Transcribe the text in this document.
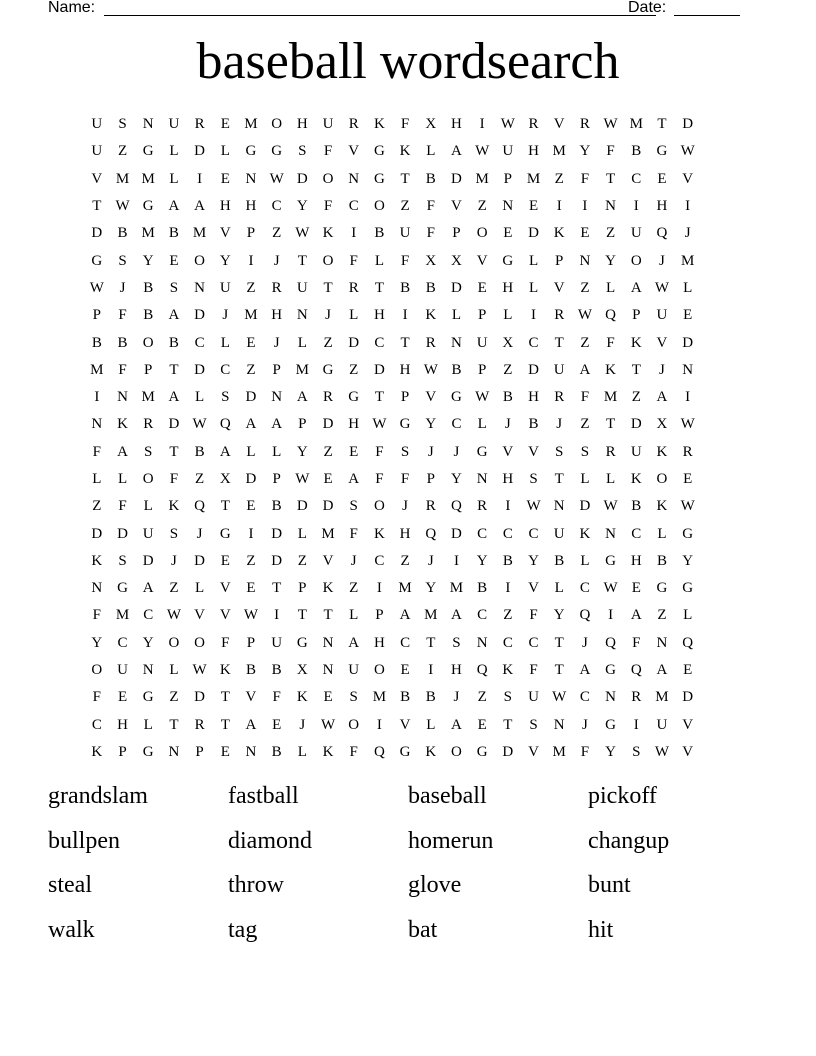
Name:	Date:
baseball wordsearch
U	S	N U	R	E M O H U	R	K	F	X H	I	W R	V	R W M T	D
U	Z	G	L	D	L	G G	S	F	V G K	L	A W U H M Y	F	B	G W
V M M L	I	E	N W D O N G	T	B	D M P M Z	F	T	C	E	V
T W G A A H H	C	Y	F	C	O	Z	F	V	Z	N	E	I	I	N	I	H	I
D	B M B M V	P	Z W K	I	B	U	F	P	O	E	D K	E	Z	U Q	J
G	S	Y	E	O Y	I	J	T	O	F	L	F	X X V G	L	P	N Y O	J	M
W	J	B	S	N U	Z	R	U	T	R	T	B	B	D	E	H	L	V	Z	L	A W L
P	F	B	A D	J	M H N	J	L	H	I	K	L	P	L	I	R W Q	P	U	E
B	B	O	B	C	L	E	J	L	Z	D	C	T	R	N U X	C	T	Z	F	K V D
M F	P	T	D	C	Z	P M G	Z	D H W B	P	Z	D U A K	T	J	N
I	N M A	L	S	D N A	R	G	T	P	V G W B	H	R	F M Z	A	I
N K	R	D W Q A A	P	D H W G Y	C	L	J	B	J	Z	T	D X W
F	A	S	T	B	A	L	L	Y	Z	E	F	S	J	J	G V V	S	S	R	U K	R
L	L	O	F	Z	X D	P W E	A	F	F	P	Y N H	S	T	L	L	K O	E
Z	F	L	K Q	T	E	B	D D	S	O	J	R	Q	R	I	W N D W B	K W
D D U	S	J	G	I	D	L M F	K H Q D	C	C	C	U K N	C	L	G
K	S	D	J	D	E	Z	D	Z	V	J	C	Z	J	I	Y	B	Y	B	L	G H	B	Y
N G A	Z	L	V	E	T	P	K	Z	I	M Y M B	I	V	L	C W E	G G
F M C W V V W	I	T	T	L	P	A M A	C	Z	F	Y Q	I	A	Z	L
Y	C	Y O O	F	P	U G N A H	C	T	S	N	C	C	T	J	Q	F	N Q
O U N	L W K	B	B	X N U O	E	I	H Q K	F	T	A G Q A	E
F	E	G	Z	D	T	V	F	K	E	S M B	B	J	Z	S	U W C	N	R M D
C	H	L	T	R	T	A	E	J	W O	I	V	L	A	E	T	S	N	J	G	I	U V
K	P	G N	P	E	N	B	L	K	F	Q G K O G D V M F	Y	S W V
grandslam	fastball	baseball	pickoff
bullpen	diamond	homerun	changup
steal	throw	glove	bunt
walk	tag	bat	hit
